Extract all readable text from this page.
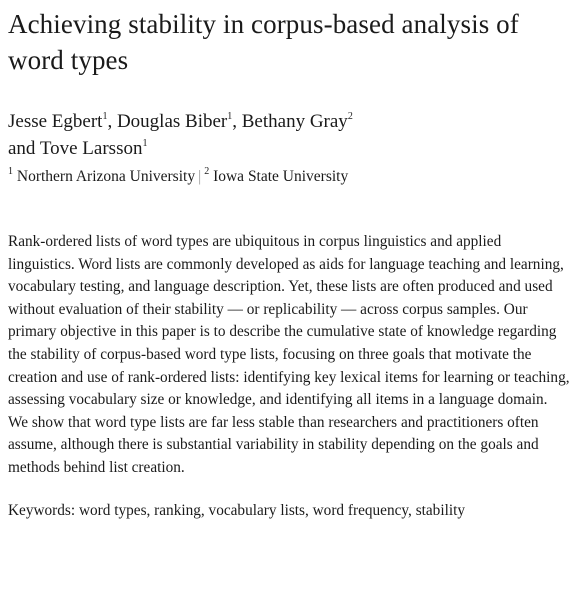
Achieving stability in corpus-based analysis of word types
Jesse Egbert$^1$, Douglas Biber$^1$, Bethany Gray$^2$
and Tove Larsson$^1$
$^1$ Northern Arizona University | $^2$ Iowa State University

Rank-ordered lists of word types are ubiquitous in corpus linguistics and applied linguistics. Word lists are commonly developed as aids for language teaching and learning, vocabulary testing, and language description. Yet, these lists are often produced and used without evaluation of their stability — or replicability — across corpus samples. Our primary objective in this paper is to describe the cumulative state of knowledge regarding the stability of corpus-based word type lists, focusing on three goals that motivate the creation and use of rank-ordered lists: identifying key lexical items for learning or teaching, assessing vocabulary size or knowledge, and identifying all items in a language domain. We show that word type lists are far less stable than researchers and practitioners often assume, although there is substantial variability in stability depending on the goals and methods behind list creation.

Keywords: word types, ranking, vocabulary lists, word frequency, stability
